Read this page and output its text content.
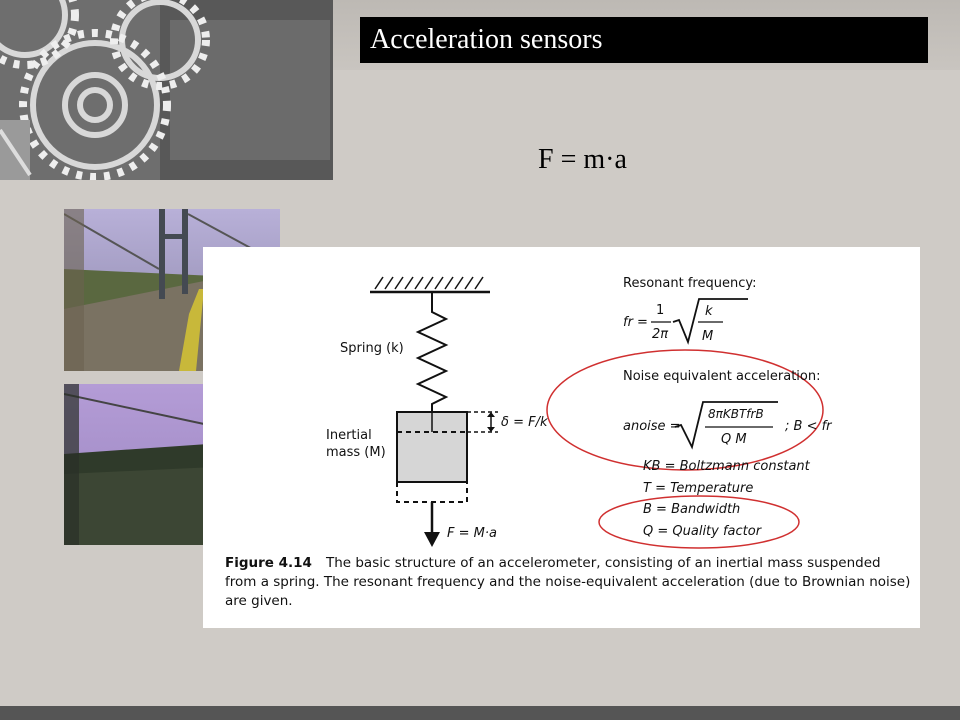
Acceleration sensors
F = m·a
Spring (k)
Inertial
mass (M)
δ = F/k
F = M·a
Resonant frequency:
fr =
1
2π
k
M
Noise equivalent acceleration:
anoise =
8πKBTfrB
Q M
; B < fr
KB = Boltzmann constant
T = Temperature
B = Bandwidth
Q = Quality factor
Figure 4.14 The basic structure of an accelerometer, consisting of an inertial mass suspended from a spring. The resonant frequency and the noise-equivalent acceleration (due to Brownian noise) are given.
